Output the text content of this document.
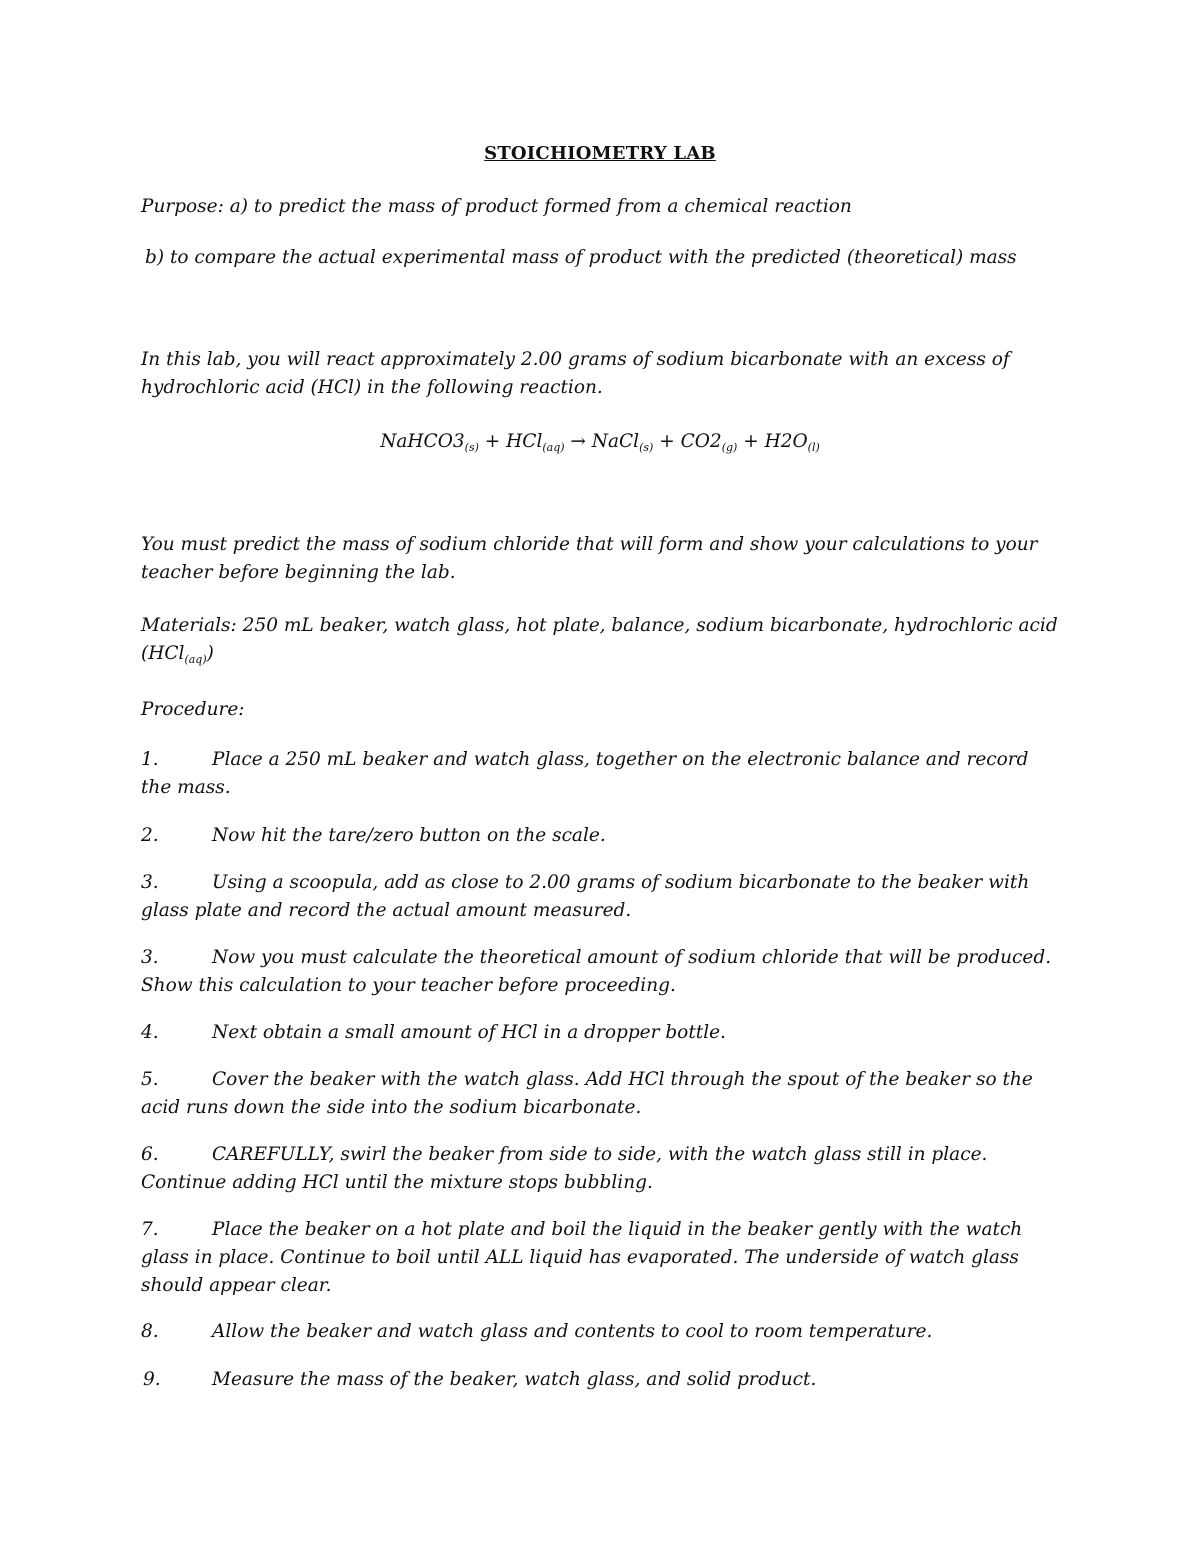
STOICHIOMETRY LAB
Purpose: a) to predict the mass of product formed from a chemical reaction
b) to compare the actual experimental mass of product with the predicted (theoretical) mass
In this lab, you will react approximately 2.00 grams of sodium bicarbonate with an excess of hydrochloric acid (HCl) in the following reaction.
$NaHCO3_{(s)} + HCl_{(aq)}$ → NaCl$_{(s)}$ + $CO2_{(g)} + H2O_{(l)}$
You must predict the mass of sodium chloride that will form and show your calculations to your teacher before beginning the lab.
Materials: 250 mL beaker, watch glass, hot plate, balance, sodium bicarbonate, hydrochloric acid (HCl$_{(aq)}$)
Procedure:
1.	Place a 250 mL beaker and watch glass, together on the electronic balance and record the mass.
2.	Now hit the tare/zero button on the scale.
3.	Using a scoopula, add as close to 2.00 grams of sodium bicarbonate to the beaker with glass plate and record the actual amount measured.
3.	Now you must calculate the theoretical amount of sodium chloride that will be produced. Show this calculation to your teacher before proceeding.
4.	Next obtain a small amount of HCl in a dropper bottle.
5.	Cover the beaker with the watch glass. Add HCl through the spout of the beaker so the acid runs down the side into the sodium bicarbonate.
6.	CAREFULLY, swirl the beaker from side to side, with the watch glass still in place. Continue adding HCl until the mixture stops bubbling.
7.	Place the beaker on a hot plate and boil the liquid in the beaker gently with the watch glass in place. Continue to boil until ALL liquid has evaporated. The underside of watch glass should appear clear.
8.	Allow the beaker and watch glass and contents to cool to room temperature.
9.	Measure the mass of the beaker, watch glass, and solid product.
